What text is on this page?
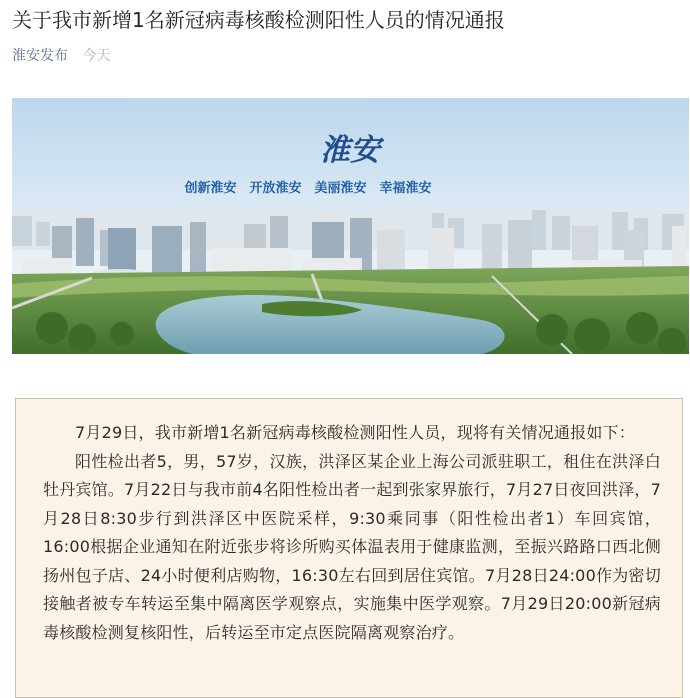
关于我市新增1名新冠病毒核酸检测阳性人员的情况通报
淮安发布 今天
淮安
创新淮安　开放淮安　美丽淮安　幸福淮安

7月29日，我市新增1名新冠病毒核酸检测阳性人员，现将有关情况通报如下：

阳性检出者5，男，57岁，汉族，洪泽区某企业上海公司派驻职工，租住在洪泽白牡丹宾馆。7月22日与我市前4名阳性检出者一起到张家界旅行，7月27日夜回洪泽，7月28日8:30步行到洪泽区中医院采样，9:30乘同事（阳性检出者1）车回宾馆，16:00根据企业通知在附近张步将诊所购买体温表用于健康监测，至振兴路路口西北侧扬州包子店、24小时便利店购物，16:30左右回到居住宾馆。7月28日24:00作为密切接触者被专车转运至集中隔离医学观察点，实施集中医学观察。7月29日20:00新冠病毒核酸检测复核阳性，后转运至市定点医院隔离观察治疗。
